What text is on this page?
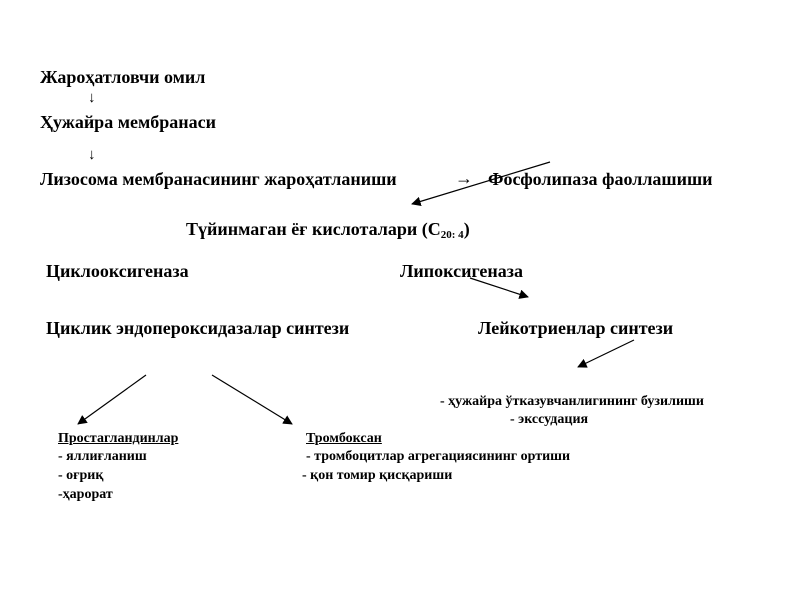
Жароҳатловчи омил
↓
Ҳужайра мембранаси
↓
Лизосома мембранасининг жароҳатланиши	→ Фосфолипаза фаоллашиши
Түйинмаган ёғ кислоталари $(С_{20: 4})$
Циклооксигеназа	Липоксигеназа
Циклик эндопероксидазалар синтези	Лейкотриенлар синтези
- ҳужайра ўтказувчанлигининг бузилиши
- экссудация
Простагландинлар
- яллиғланиш
- оғриқ
-ҳарорат
Тромбоксан
- тромбоцитлар агрегациясининг ортиши
- қон томир қисқариши
